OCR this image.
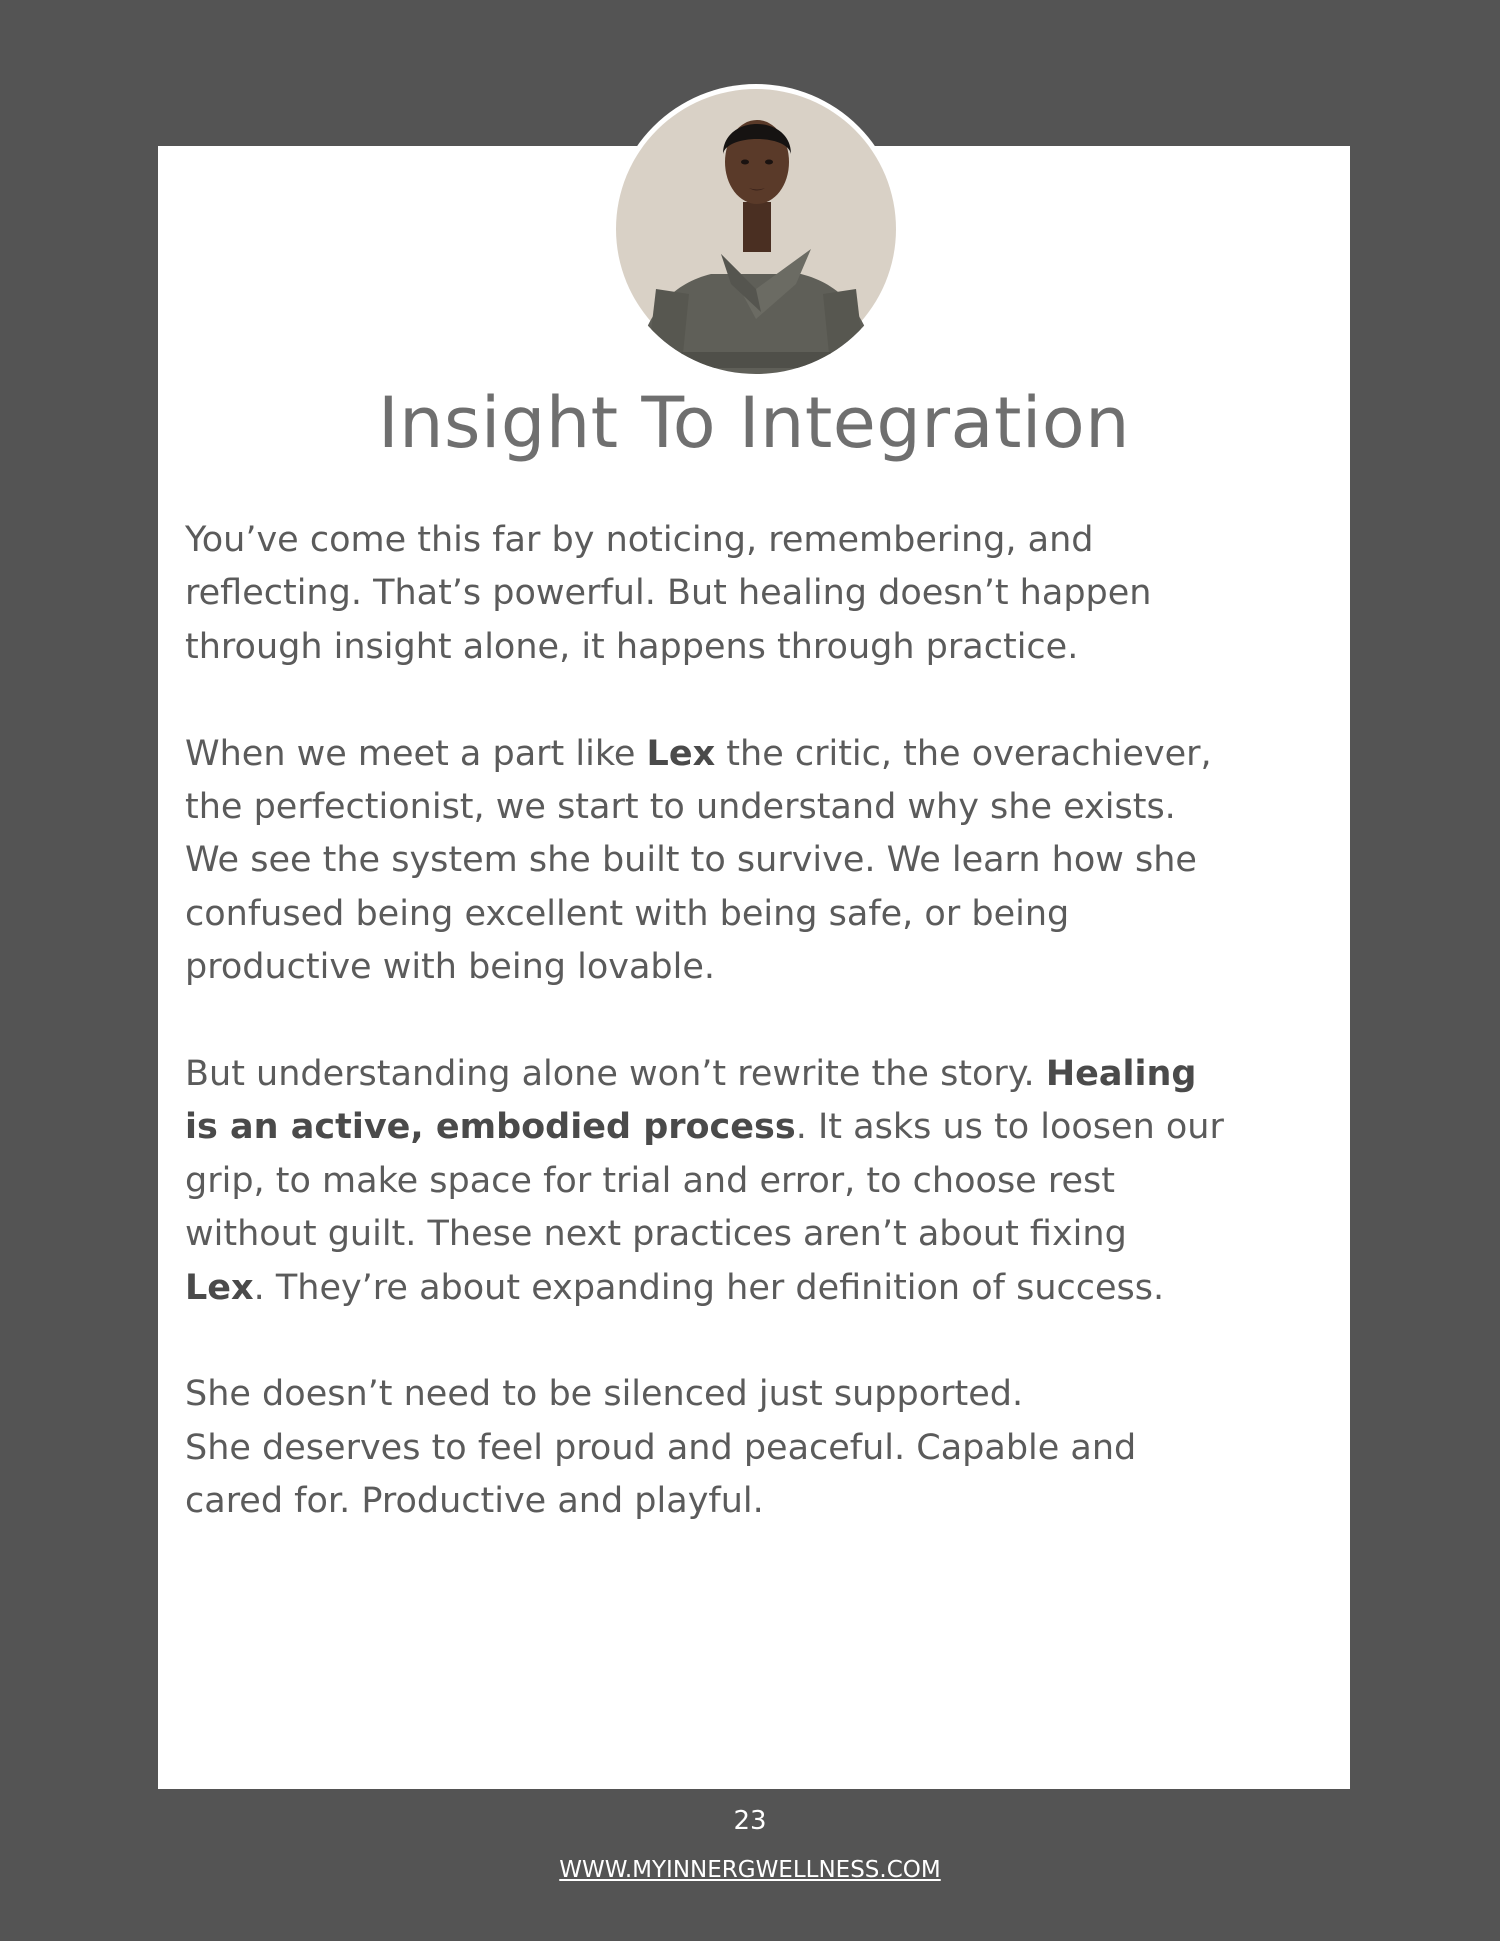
Insight To Integration

You’ve come this far by noticing, remembering, and
reflecting. That’s powerful. But healing doesn’t happen
through insight alone, it happens through practice.

When we meet a part like Lex the critic, the overachiever,
the perfectionist, we start to understand why she exists.
We see the system she built to survive. We learn how she
confused being excellent with being safe, or being
productive with being lovable.

But understanding alone won’t rewrite the story. Healing
is an active, embodied process. It asks us to loosen our
grip, to make space for trial and error, to choose rest
without guilt. These next practices aren’t about fixing
Lex. They’re about expanding her definition of success.

She doesn’t need to be silenced just supported.
She deserves to feel proud and peaceful. Capable and
cared for. Productive and playful.

23
WWW.MYINNERGWELLNESS.COM
